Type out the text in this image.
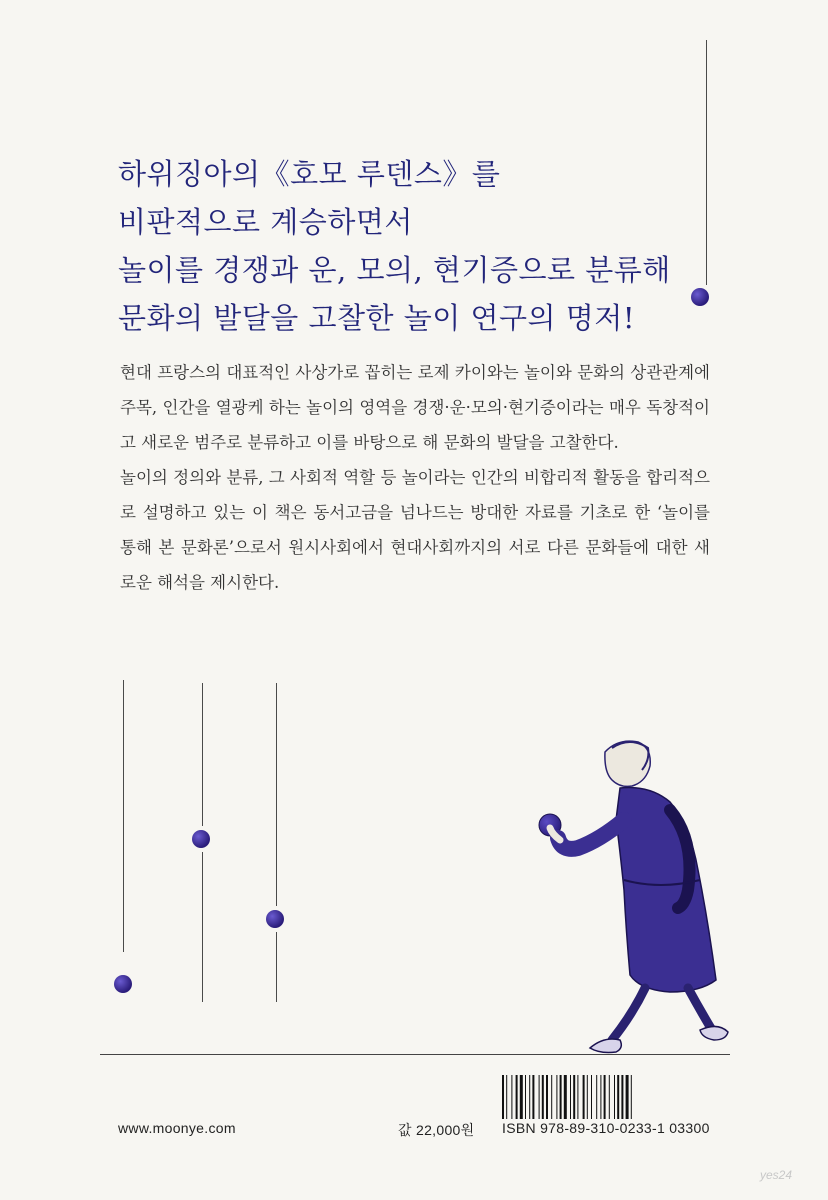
하위징아의《호모 루덴스》를
비판적으로 계승하면서
놀이를 경쟁과 운, 모의, 현기증으로 분류해
문화의 발달을 고찰한 놀이 연구의 명저!

현대 프랑스의 대표적인 사상가로 꼽히는 로제 카이와는 놀이와 문화의 상관관계에 주목, 인간을 열광케 하는 놀이의 영역을 경쟁·운·모의·현기증이라는 매우 독창적이고 새로운 범주로 분류하고 이를 바탕으로 해 문화의 발달을 고찰한다.

놀이의 정의와 분류, 그 사회적 역할 등 놀이라는 인간의 비합리적 활동을 합리적으로 설명하고 있는 이 책은 동서고금을 넘나드는 방대한 자료를 기초로 한 ‘놀이를 통해 본 문화론’으로서 원시사회에서 현대사회까지의 서로 다른 문화들에 대한 새로운 해석을 제시한다.

www.moonye.com	값 22,000원 ISBN 978-89-310-0233-1 03300
yes24
